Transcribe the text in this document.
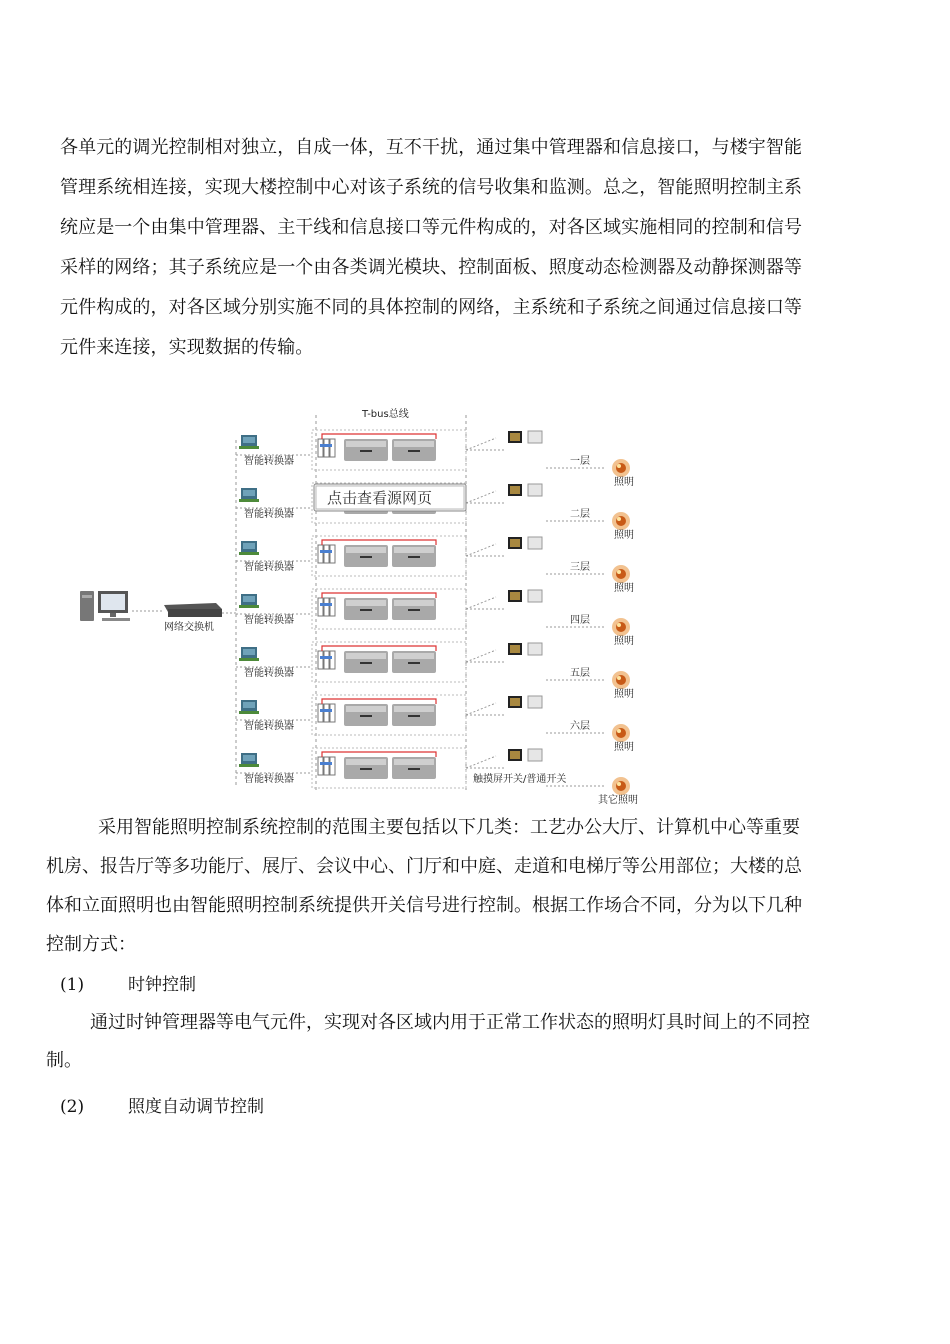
各单元的调光控制相对独立，自成一体，互不干扰，通过集中管理器和信息接口，与楼宇智能
管理系统相连接，实现大楼控制中心对该子系统的信号收集和监测。总之，智能照明控制主系
统应是一个由集中管理器、主干线和信息接口等元件构成的，对各区域实施相同的控制和信号
采样的网络；其子系统应是一个由各类调光模块、控制面板、照度动态检测器及动静探测器等
元件构成的，对各区域分别实施不同的具体控制的网络，主系统和子系统之间通过信息接口等
元件来连接，实现数据的传输。
网络交换机
T-bus总线
智能转换器	一层
照明
智能转换器	二层
照明
智能转换器	三层
照明
智能转换器	四层
照明
智能转换器	五层
照明
智能转换器	六层
照明
智能转换器	触摸屏开关/普通开关
其它照明
点击查看源网页
采用智能照明控制系统控制的范围主要包括以下几类：工艺办公大厅、计算机中心等重要
机房、报告厅等多功能厅、展厅、会议中心、门厅和中庭、走道和电梯厅等公用部位；大楼的总
体和立面照明也由智能照明控制系统提供开关信号进行控制。根据工作场合不同，分为以下几种
控制方式：
(1)	时钟控制
通过时钟管理器等电气元件，实现对各区域内用于正常工作状态的照明灯具时间上的不同控
制。
(2)	照度自动调节控制
